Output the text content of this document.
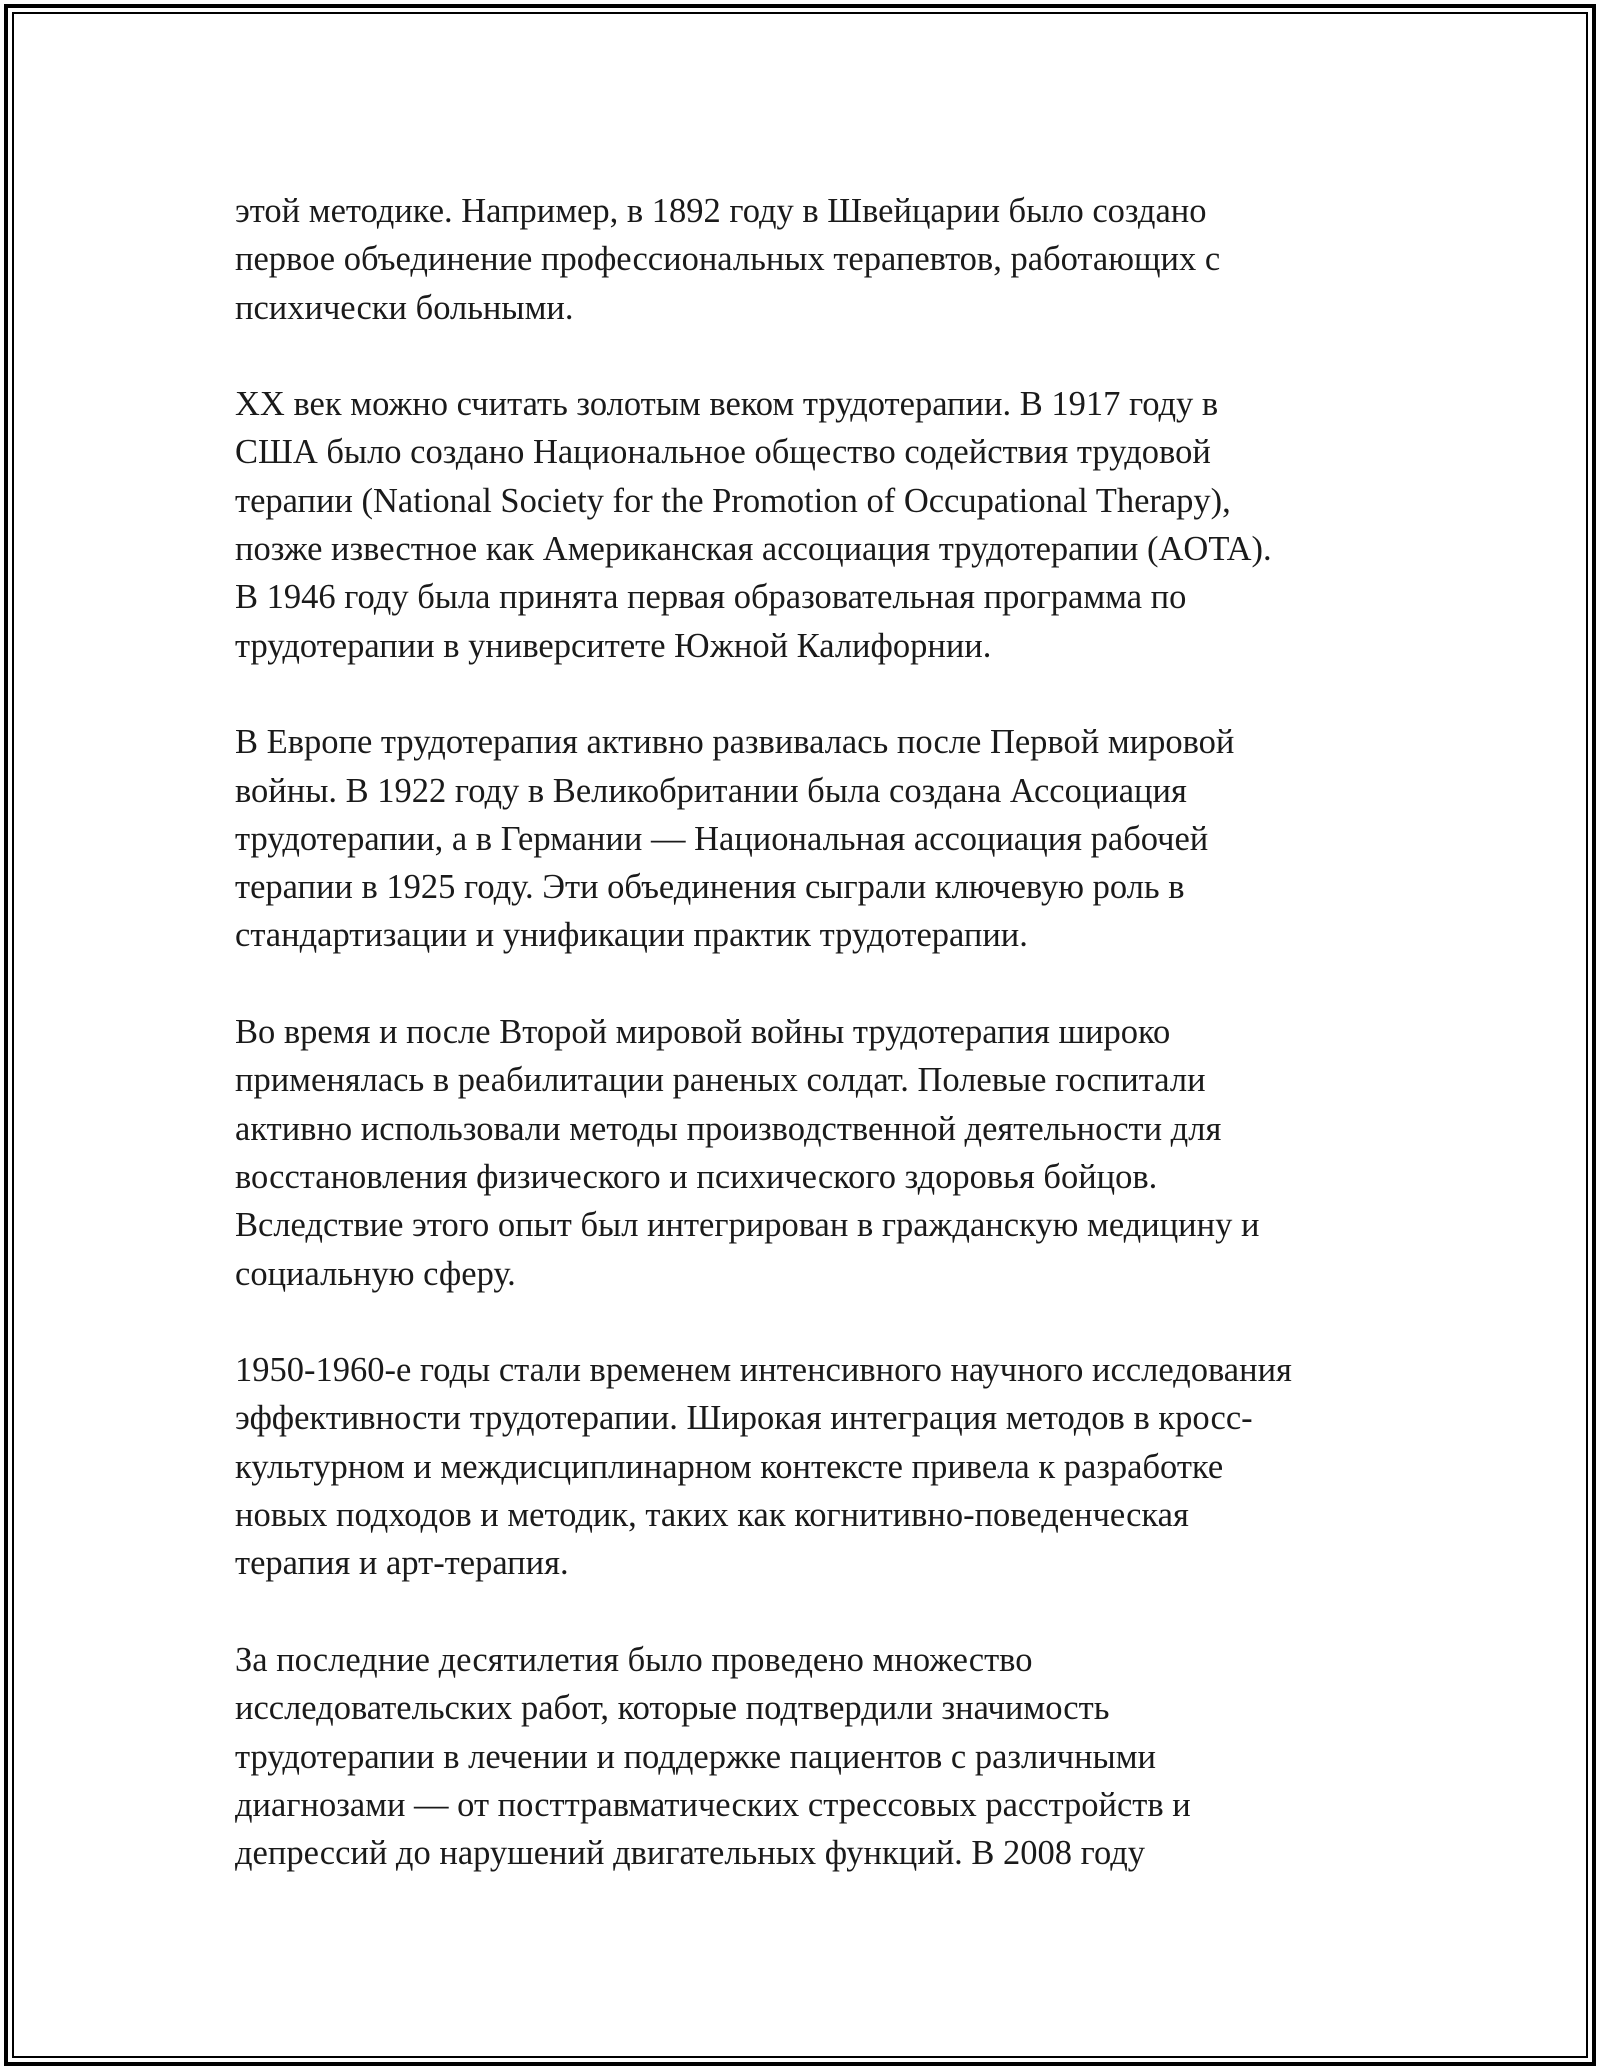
этой методике. Например, в 1892 году в Швейцарии было создано
первое объединение профессиональных терапевтов, работающих с
психически больными.

XX век можно считать золотым веком трудотерапии. В 1917 году в
США было создано Национальное общество содействия трудовой
терапии (National Society for the Promotion of Occupational Therapy),
позже известное как Американская ассоциация трудотерапии (AOTA).
В 1946 году была принята первая образовательная программа по
трудотерапии в университете Южной Калифорнии.

В Европе трудотерапия активно развивалась после Первой мировой
войны. В 1922 году в Великобритании была создана Ассоциация
трудотерапии, а в Германии — Национальная ассоциация рабочей
терапии в 1925 году. Эти объединения сыграли ключевую роль в
стандартизации и унификации практик трудотерапии.

Во время и после Второй мировой войны трудотерапия широко
применялась в реабилитации раненых солдат. Полевые госпитали
активно использовали методы производственной деятельности для
восстановления физического и психического здоровья бойцов.
Вследствие этого опыт был интегрирован в гражданскую медицину и
социальную сферу.

1950-1960-е годы стали временем интенсивного научного исследования
эффективности трудотерапии. Широкая интеграция методов в кросс-
культурном и междисциплинарном контексте привела к разработке
новых подходов и методик, таких как когнитивно-поведенческая
терапия и арт-терапия.

За последние десятилетия было проведено множество
исследовательских работ, которые подтвердили значимость
трудотерапии в лечении и поддержке пациентов с различными
диагнозами — от посттравматических стрессовых расстройств и
депрессий до нарушений двигательных функций. В 2008 году
